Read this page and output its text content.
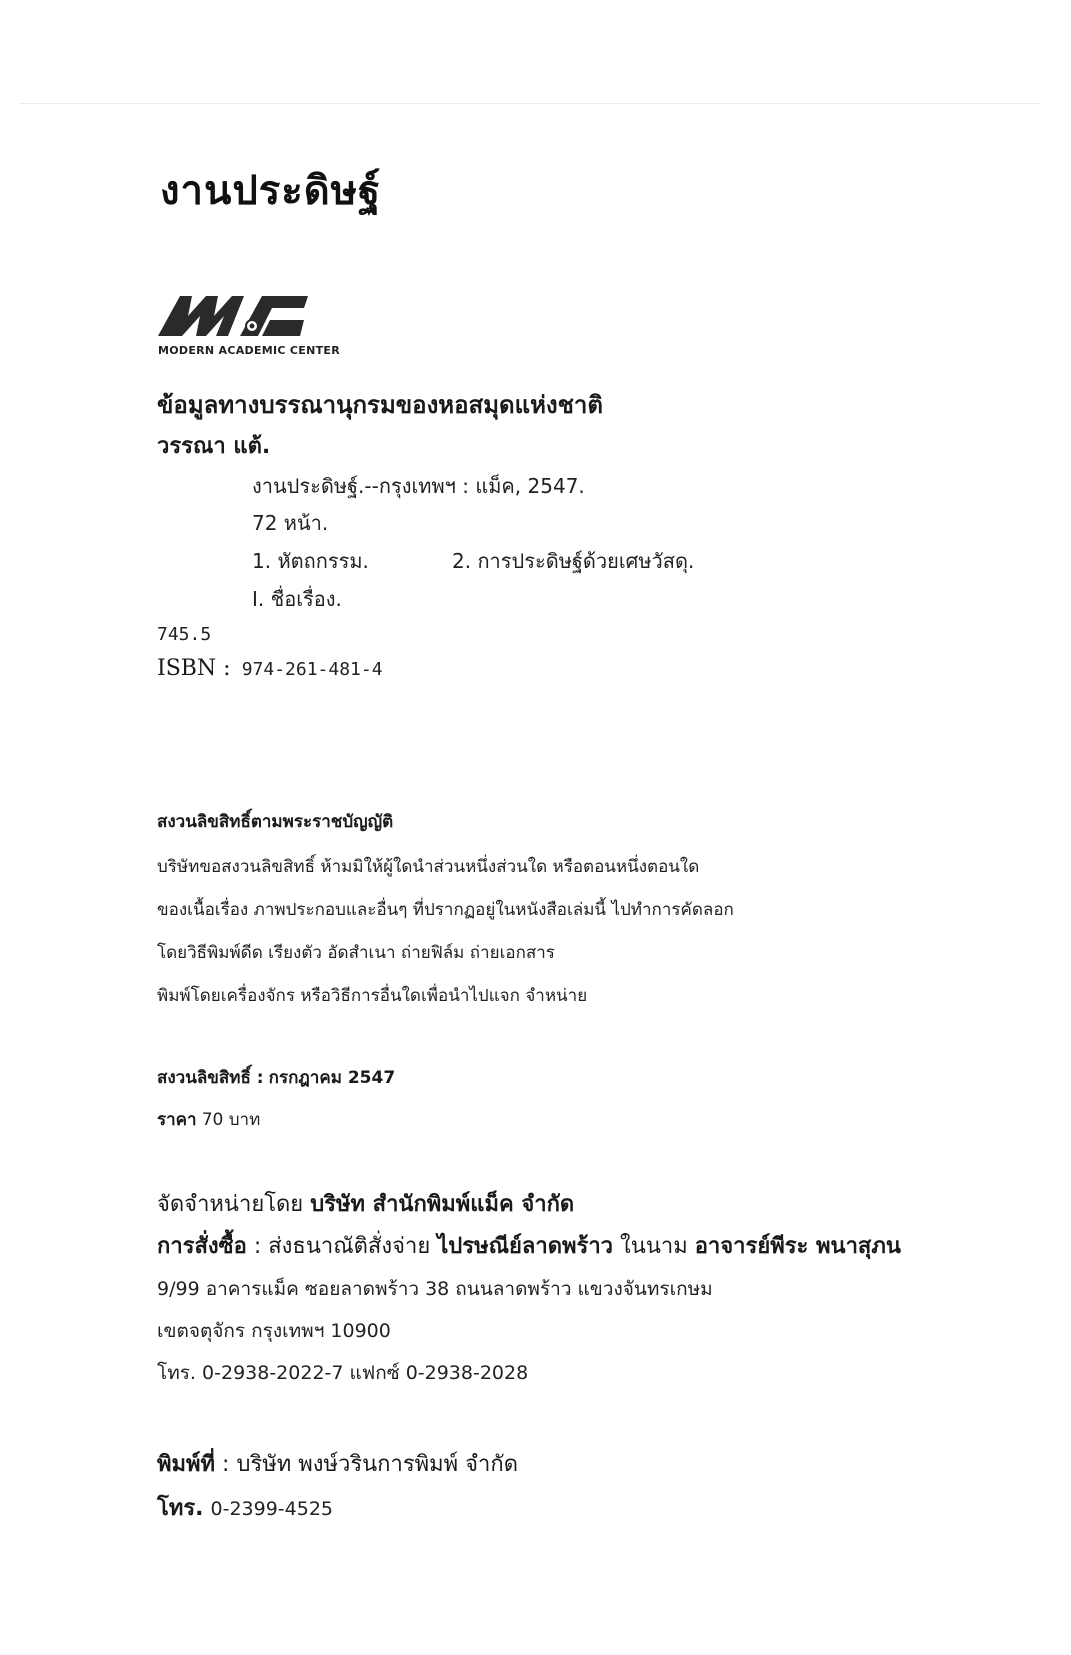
งานประดิษฐ์
MODERN ACADEMIC CENTER
ข้อมูลทางบรรณานุกรมของหอสมุดแห่งชาติ
วรรณา แต้.
งานประดิษฐ์.--กรุงเทพฯ : แม็ค, 2547.
72 หน้า.
1. หัตถกรรม.	2. การประดิษฐ์ด้วยเศษวัสดุ.
I. ชื่อเรื่อง.
745.5
ISBN : 974-261-481-4
สงวนลิขสิทธิ์ตามพระราชบัญญัติ
บริษัทขอสงวนลิขสิทธิ์ ห้ามมิให้ผู้ใดนำส่วนหนึ่งส่วนใด หรือตอนหนึ่งตอนใด
ของเนื้อเรื่อง ภาพประกอบและอื่นๆ ที่ปรากฏอยู่ในหนังสือเล่มนี้ ไปทำการคัดลอก
โดยวิธีพิมพ์ดีด เรียงตัว อัดสำเนา ถ่ายฟิล์ม ถ่ายเอกสาร
พิมพ์โดยเครื่องจักร หรือวิธีการอื่นใดเพื่อนำไปแจก จำหน่าย
สงวนลิขสิทธิ์ : กรกฎาคม 2547
ราคา 70 บาท
จัดจำหน่ายโดย บริษัท สำนักพิมพ์แม็ค จำกัด
การสั่งซื้อ : ส่งธนาณัติสั่งจ่าย ไปรษณีย์ลาดพร้าว ในนาม อาจารย์พีระ พนาสุภน
9/99 อาคารแม็ค ซอยลาดพร้าว 38 ถนนลาดพร้าว แขวงจันทรเกษม
เขตจตุจักร กรุงเทพฯ 10900
โทร. 0-2938-2022-7 แฟกซ์ 0-2938-2028
พิมพ์ที่ : บริษัท พงษ์วรินการพิมพ์ จำกัด
โทร. 0-2399-4525
